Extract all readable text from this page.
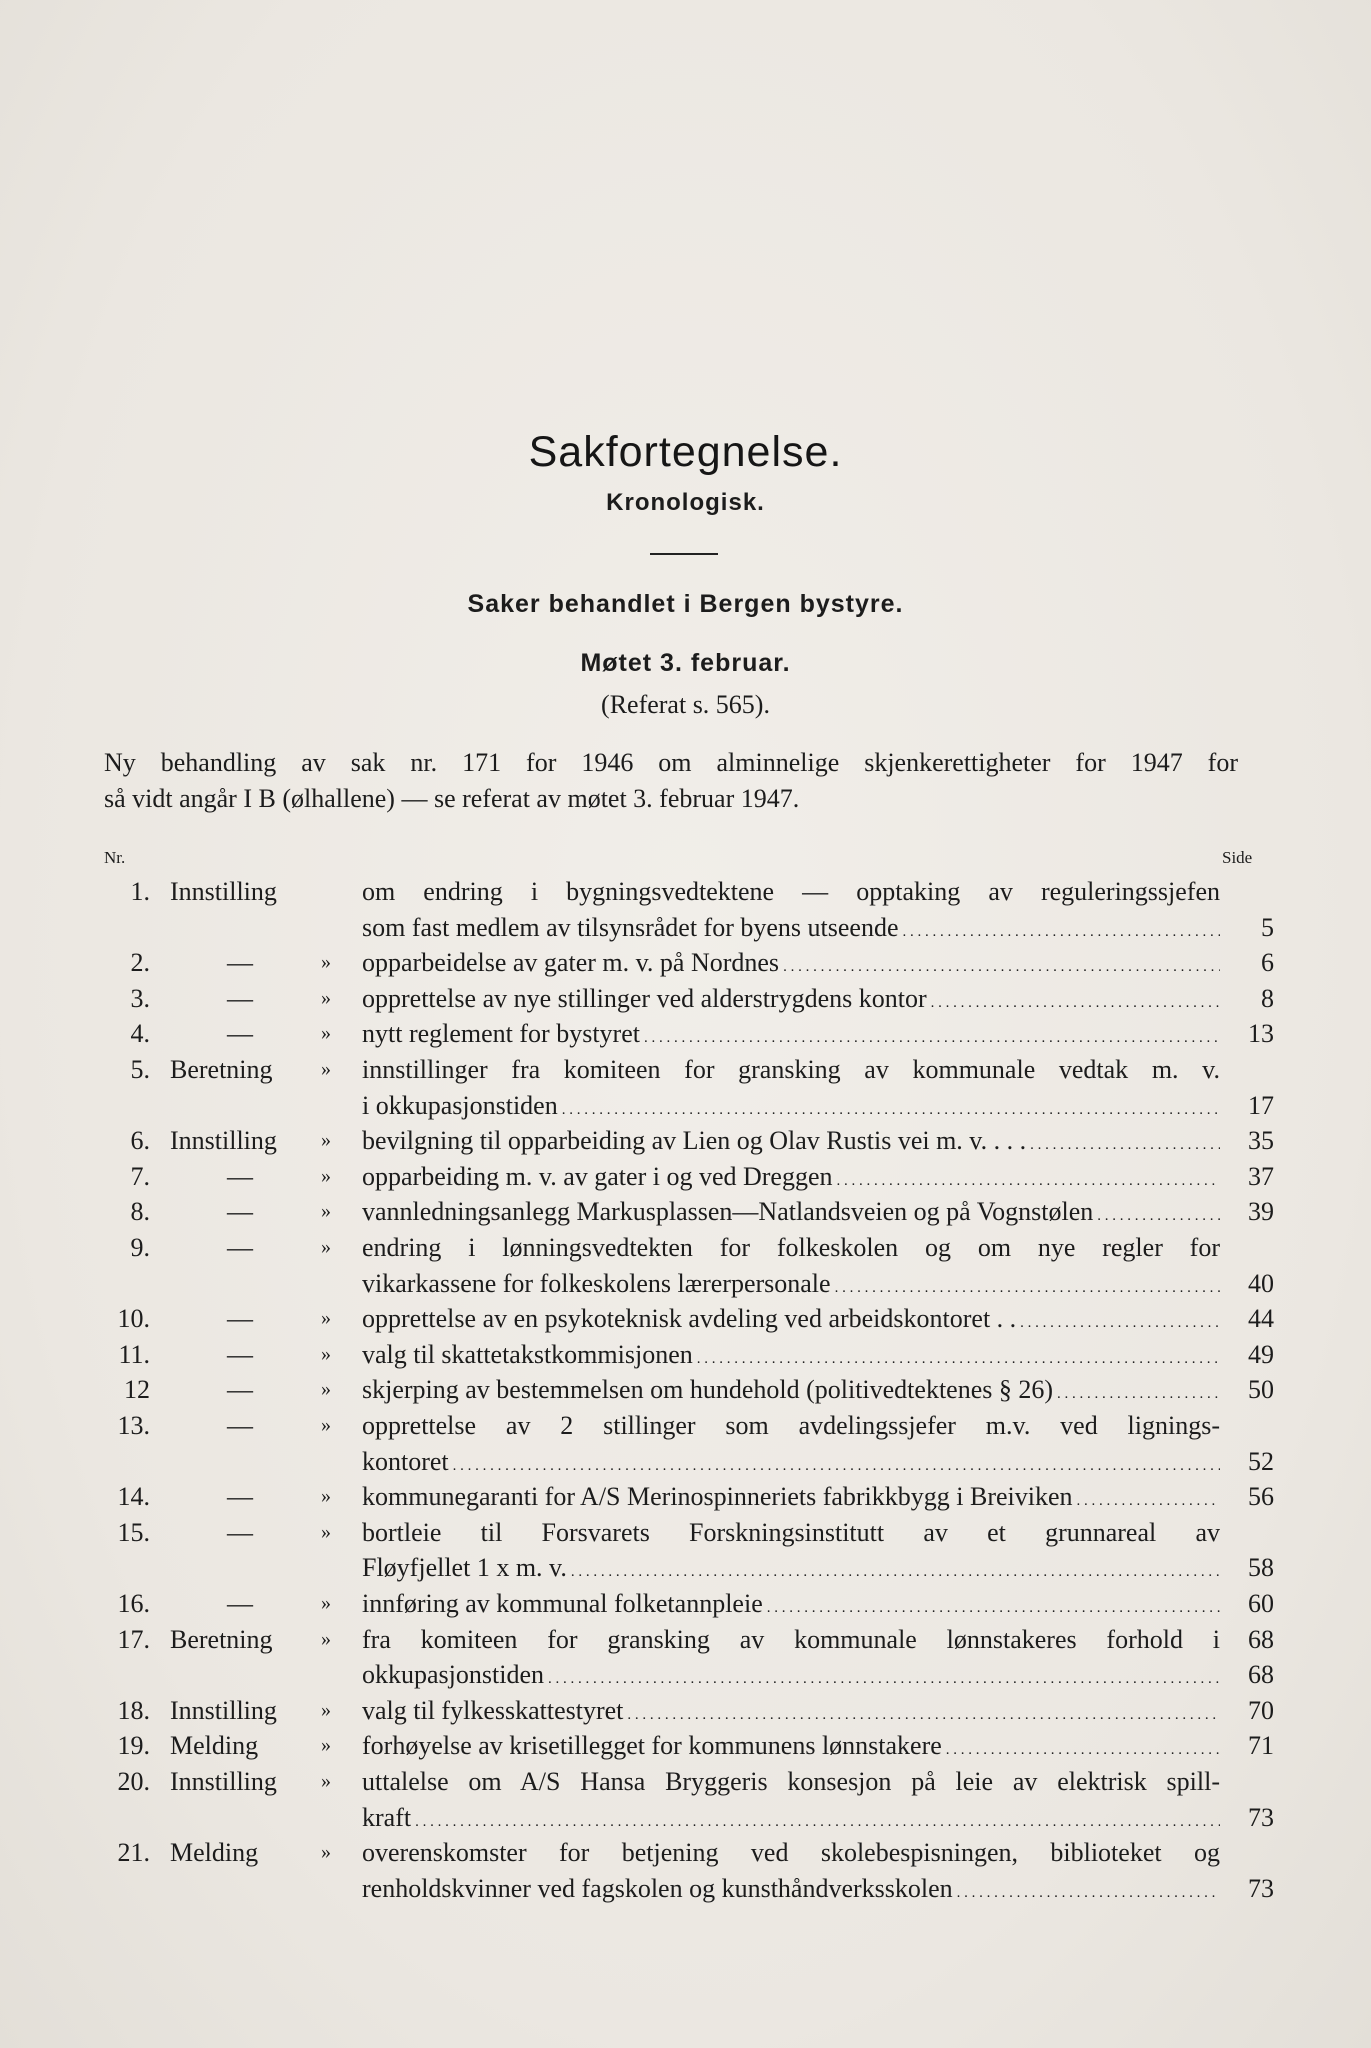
Sakfortegnelse.
Kronologisk.
Saker behandlet i Bergen bystyre.
Møtet 3. februar.
(Referat s. 565).
Ny behandling av sak nr. 171 for 1946 om alminnelige skjenkerettigheter for 1947 for
så vidt angår I B (ølhallene) — se referat av møtet 3. februar 1947.
Nr.	Side
1. Innstilling	om endring i bygningsvedtektene — opptaking av reguleringssjefen
som fast medlem av tilsynsrådet for byens utseende . . .	5
2.	—	» opparbeidelse av gater m. v. på Nordnes . . .	6
3.	—	» opprettelse av nye stillinger ved alderstrygdens kontor . . .	8
4.	—	» nytt reglement for bystyret . . .	13
5. Beretning	» innstillinger fra komiteen for gransking av kommunale vedtak m. v.
i okkupasjonstiden . . .	17
6. Innstilling	» bevilgning til opparbeiding av Lien og Olav Rustis vei m. v. . . . . . .	35
7.	—	» opparbeiding m. v. av gater i og ved Dreggen . . .	37
8.	—	» vannledningsanlegg Markusplassen—Natlandsveien og på Vognstølen . . .	39
9.	—	» endring i lønningsvedtekten for folkeskolen og om nye regler for
vikarkassene for folkeskolens lærerpersonale . . .	40
10.	—	» opprettelse av en psykoteknisk avdeling ved arbeidskontoret . . . . .	44
11.	—	» valg til skattetakstkommisjonen . . .	49
12	—	» skjerping av bestemmelsen om hundehold (politivedtektenes § 26) . . .	50
13.	—	» opprettelse av 2 stillinger som avdelingssjefer m.v. ved lignings-
kontoret . . .	52
14.	—	» kommunegaranti for A/S Merinospinneriets fabrikkbygg i Breiviken . . .	56
15.	—	» bortleie til Forsvarets Forskningsinstitutt av et grunnareal av
Fløyfjellet 1 x m. v. . . .	58
16.	—	» innføring av kommunal folketannpleie . . .	60
17. Beretning	» fra komiteen for gransking av kommunale lønnstakeres forhold i	68
okkupasjonstiden . . .	68
18. Innstilling	» valg til fylkesskattestyret . . .	70
19. Melding	» forhøyelse av krisetillegget for kommunens lønnstakere . . .	71
20. Innstilling	» uttalelse om A/S Hansa Bryggeris konsesjon på leie av elektrisk spill-
kraft . . .	73
21. Melding	» overenskomster for betjening ved skolebespisningen, biblioteket og
renholdskvinner ved fagskolen og kunsthåndverksskolen . . .	73
